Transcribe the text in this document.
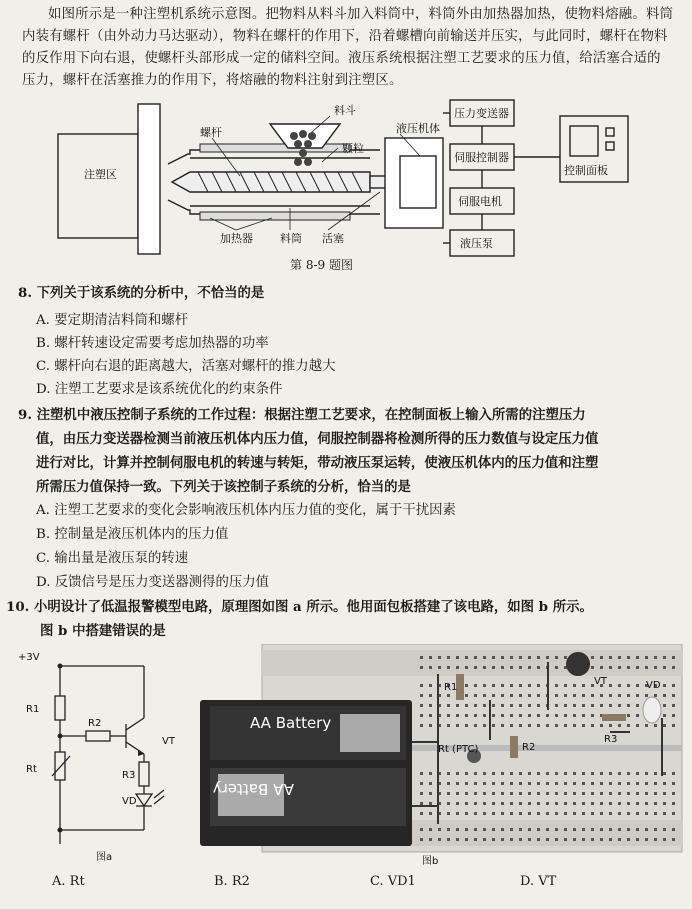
如图所示是一种注塑机系统示意图。把物料从料斗加入料筒中，料筒外由加热器加热，使物料熔融。料筒内装有螺杆（由外动力马达驱动），物料在螺杆的作用下，沿着螺槽向前输送并压实，与此同时，螺杆在物料的反作用下向右退，使螺杆头部形成一定的储料空间。液压系统根据注塑工艺要求的压力值，给活塞合适的压力，螺杆在活塞推力的作用下，将熔融的物料注射到注塑区。
注塑区
螺杆
料斗
颗粒
液压机体
加热器 料筒 活塞
压力变送器
伺服控制器
伺服电机
液压泵
控制面板
第 8-9 题图
8. 下列关于该系统的分析中，不恰当的是
A. 要定期清洁料筒和螺杆
B. 螺杆转速设定需要考虑加热器的功率
C. 螺杆向右退的距离越大，活塞对螺杆的推力越大
D. 注塑工艺要求是该系统优化的约束条件
9. 注塑机中液压控制子系统的工作过程：根据注塑工艺要求，在控制面板上输入所需的注塑压力
值，由压力变送器检测当前液压机体内压力值，伺服控制器将检测所得的压力数值与设定压力值
进行对比，计算并控制伺服电机的转速与转矩，带动液压泵运转，使液压机体内的压力值和注塑
所需压力值保持一致。下列关于该控制子系统的分析，恰当的是
A. 注塑工艺要求的变化会影响液压机体内压力值的变化，属于干扰因素
B. 控制量是液压机体内的压力值
C. 输出量是液压泵的转速
D. 反馈信号是压力变送器测得的压力值
10. 小明设计了低温报警模型电路，原理图如图 a 所示。他用面包板搭建了该电路，如图 b 所示。
图 b 中搭建错误的是
+3V
R1
R2
Rt
VT
R3
VD
图a
AA Battery
AA Battery
R1
VT	VD
R3
Rt (PTC)	R2
图b
A. Rt	B. R2	C. VD1	D. VT
